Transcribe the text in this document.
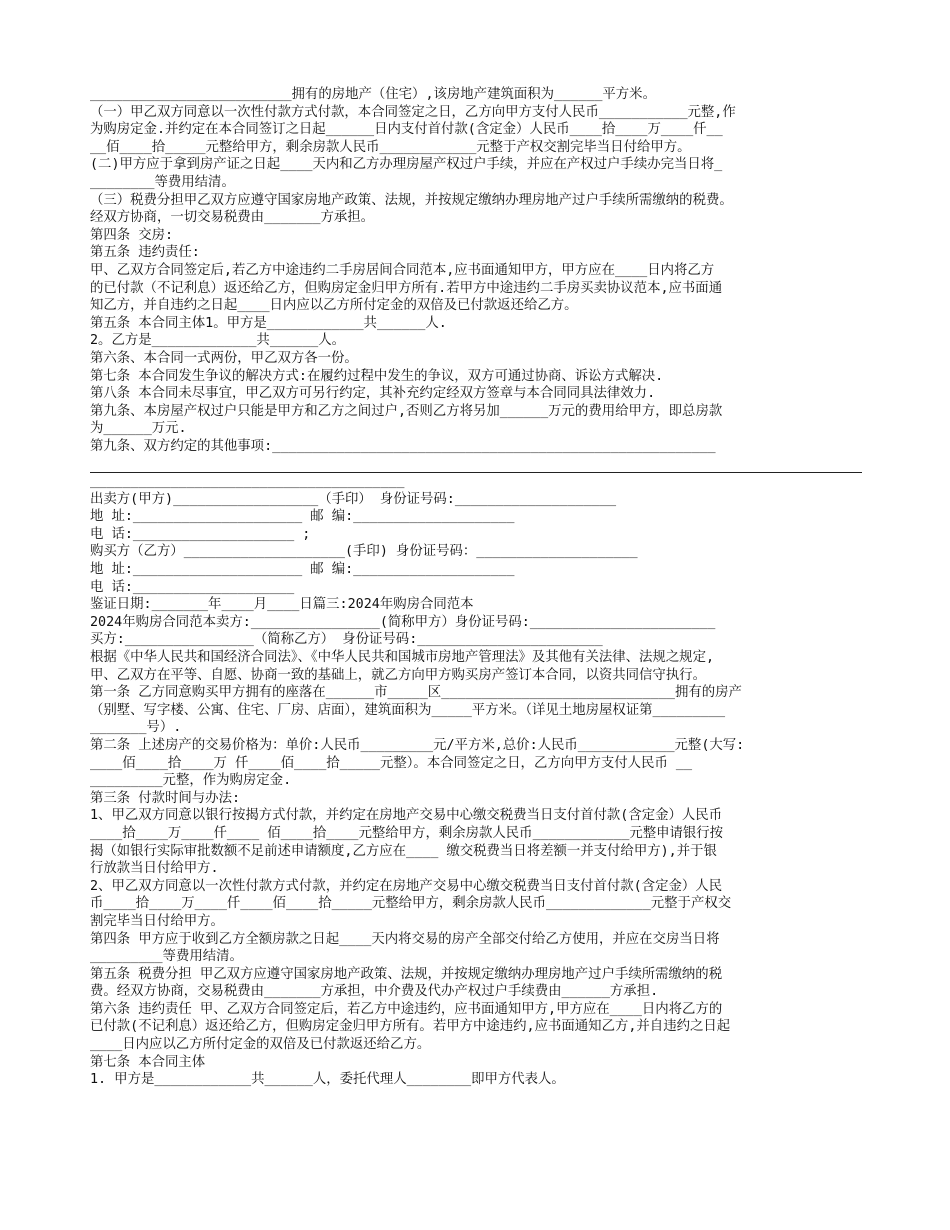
_________________________拥有的房地产（住宅）,该房地产建筑面积为______平方米。
（一）甲乙双方同意以一次性付款方式付款，本合同签定之日，乙方向甲方支付人民币___________元整,作
为购房定金.并约定在本合同签订之日起______日内支付首付款(含定金）人民币____拾____万____仟__
__佰____拾_____元整给甲方，剩余房款人民币____________元整于产权交割完毕当日付给甲方。
(二)甲方应于拿到房产证之日起____天内和乙方办理房屋产权过户手续，并应在产权过户手续办完当日将_
________等费用结清。
（三）税费分担甲乙双方应遵守国家房地产政策、法规，并按规定缴纳办理房地产过户手续所需缴纳的税费。
经双方协商，一切交易税费由_______方承担。
第四条 交房:
第五条 违约责任:
甲、乙双方合同签定后,若乙方中途违约二手房居间合同范本,应书面通知甲方，甲方应在____日内将乙方
的已付款（不记利息）返还给乙方，但购房定金归甲方所有.若甲方中途违约二手房买卖协议范本,应书面通
知乙方，并自违约之日起____日内应以乙方所付定金的双倍及已付款返还给乙方。
第五条 本合同主体1。甲方是____________共______人.
2。乙方是_____________共______人。
第六条、本合同一式两份，甲乙双方各一份。
第七条 本合同发生争议的解决方式:在履约过程中发生的争议，双方可通过协商、诉讼方式解决.
第八条 本合同未尽事宜，甲乙双方可另行约定，其补充约定经双方签章与本合同同具法律效力.
第九条、本房屋产权过户只能是甲方和乙方之间过户,否则乙方将另加______万元的费用给甲方，即总房款
为______万元.
第九条、双方约定的其他事项:_______________________________________________________
_______________________________________
出卖方(甲方)__________________（手印） 身份证号码:____________________
地 址:_____________________ 邮 编:____________________
电 话:____________________ ;
购买方（乙方）____________________(手印) 身份证号码：____________________
地 址:_____________________ 邮 编:____________________
电 话:____________________
鉴证日期:_______年____月____日篇三:2024年购房合同范本
2024年购房合同范本卖方:________________(简称甲方）身份证号码:_______________________
买方:________________（简称乙方） 身份证号码:_______________________
根据《中华人民共和国经济合同法》、《中华人民共和国城市房地产管理法》及其他有关法律、法规之规定,
甲、乙双方在平等、自愿、协商一致的基础上，就乙方向甲方购买房产签订本合同，以资共同信守执行。
第一条 乙方同意购买甲方拥有的座落在______市_____区_____________________________拥有的房产
（别墅、写字楼、公寓、住宅、厂房、店面），建筑面积为_____平方米。（详见土地房屋权证第_________
_______号）.
第二条 上述房产的交易价格为：单价:人民币_________元/平方米,总价:人民币____________元整(大写:
____佰____拾____万 仟____佰____拾_____元整）。本合同签定之日，乙方向甲方支付人民币 __
_________元整，作为购房定金.
第三条 付款时间与办法:
1、甲乙双方同意以银行按揭方式付款，并约定在房地产交易中心缴交税费当日支付首付款(含定金）人民币
____拾____万____仟____ 佰____拾____元整给甲方，剩余房款人民币____________元整申请银行按
揭（如银行实际审批数额不足前述申请额度,乙方应在____ 缴交税费当日将差额一并支付给甲方),并于银
行放款当日付给甲方.
2、甲乙双方同意以一次性付款方式付款，并约定在房地产交易中心缴交税费当日支付首付款(含定金）人民
币____拾____万____仟____佰____拾_____元整给甲方，剩余房款人民币_____________元整于产权交
割完毕当日付给甲方。
第四条 甲方应于收到乙方全额房款之日起____天内将交易的房产全部交付给乙方使用，并应在交房当日将
_________等费用结清。
第五条 税费分担 甲乙双方应遵守国家房地产政策、法规，并按规定缴纳办理房地产过户手续所需缴纳的税
费。经双方协商，交易税费由_______方承担，中介费及代办产权过户手续费由______方承担.
第六条 违约责任 甲、乙双方合同签定后，若乙方中途违约，应书面通知甲方,甲方应在____日内将乙方的
已付款(不记利息）返还给乙方，但购房定金归甲方所有。若甲方中途违约,应书面通知乙方,并自违约之日起
____日内应以乙方所付定金的双倍及已付款返还给乙方。
第七条 本合同主体
1. 甲方是____________共______人，委托代理人________即甲方代表人。
